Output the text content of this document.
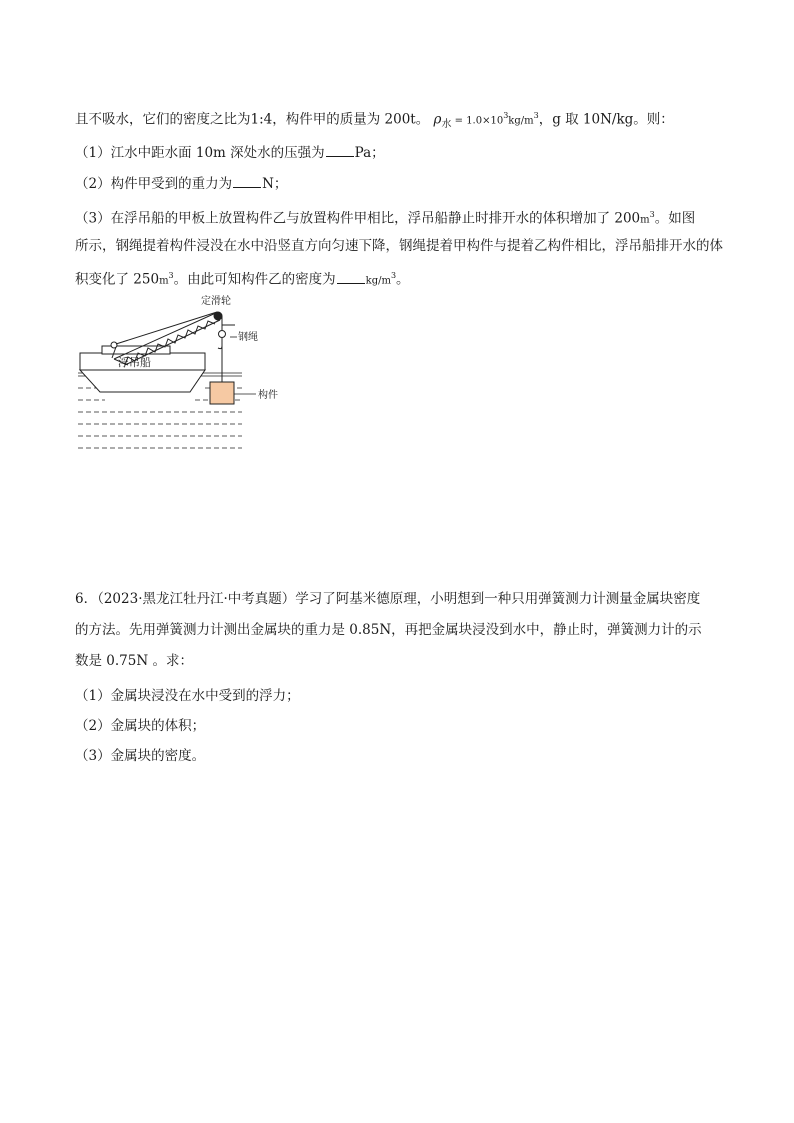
且不吸水，它们的密度之比为1:4，构件甲的质量为 200t。 $\rho_水 = 1.0\times 10^3kg/m^3$，g 取 10N/kg。则：
（1）江水中距水面 10m 深处水的压强为 Pa；
（2）构件甲受到的重力为 N；
（3）在浮吊船的甲板上放置构件乙与放置构件甲相比，浮吊船静止时排开水的体积增加了 $200m^3$。如图
所示，钢绳提着构件浸没在水中沿竖直方向匀速下降，钢绳提着甲构件与提着乙构件相比，浮吊船排开水的体
积变化了 $250m^3$。由此可知构件乙的密度为	$kg/m^3$。
浮吊船
定滑轮
钢绳
构件
6．（2023·黑龙江牡丹江·中考真题）学习了阿基米德原理，小明想到一种只用弹簧测力计测量金属块密度
的方法。先用弹簧测力计测出金属块的重力是 0.85N，再把金属块浸没到水中，静止时，弹簧测力计的示
数是 0.75N 。求：
（1）金属块浸没在水中受到的浮力；
（2）金属块的体积；
（3）金属块的密度。
